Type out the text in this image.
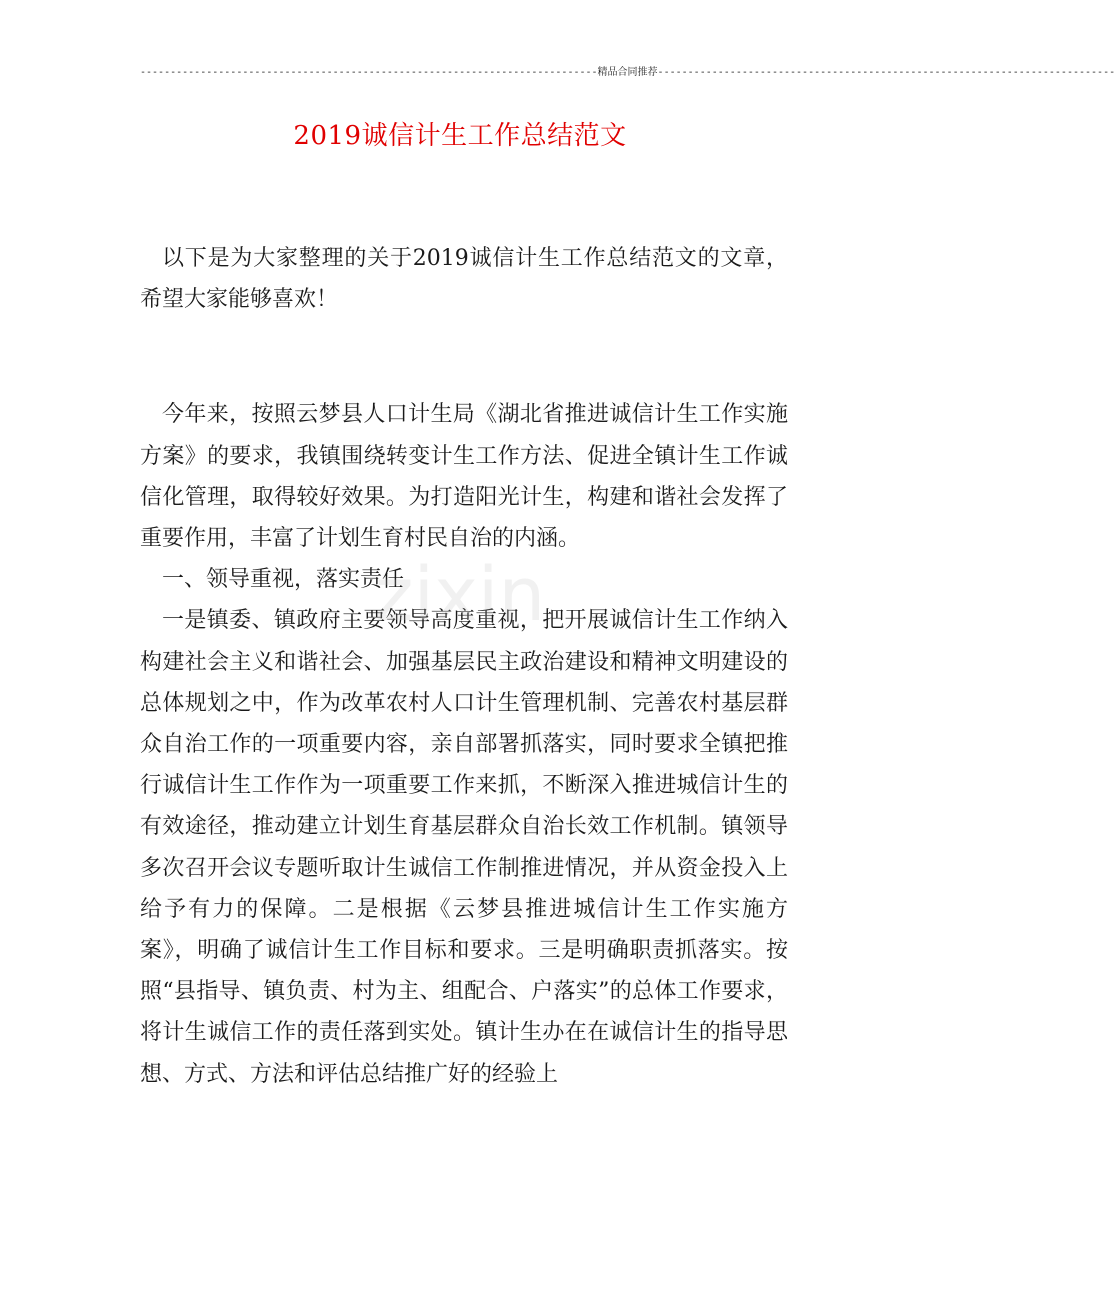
----------------------------------------------------------------------------精品合同推荐----------------------------------------------------------------------------
2019诚信计生工作总结范文

以下是为大家整理的关于2019诚信计生工作总结范文的文章，希望大家能够喜欢！

今年来，按照云梦县人口计生局《湖北省推进诚信计生工作实施方案》的要求，我镇围绕转变计生工作方法、促进全镇计生工作诚信化管理，取得较好效果。为打造阳光计生，构建和谐社会发挥了重要作用，丰富了计划生育村民自治的内涵。

一、领导重视，落实责任

一是镇委、镇政府主要领导高度重视，把开展诚信计生工作纳入构建社会主义和谐社会、加强基层民主政治建设和精神文明建设的总体规划之中，作为改革农村人口计生管理机制、完善农村基层群众自治工作的一项重要内容，亲自部署抓落实，同时要求全镇把推行诚信计生工作作为一项重要工作来抓，不断深入推进城信计生的有效途径，推动建立计划生育基层群众自治长效工作机制。镇领导多次召开会议专题听取计生诚信工作制推进情况，并从资金投入上给予有力的保障。二是根据《云梦县推进城信计生工作实施方案》，明确了诚信计生工作目标和要求。三是明确职责抓落实。按照“县指导、镇负责、村为主、组配合、户落实”的总体工作要求，将计生诚信工作的责任落到实处。镇计生办在在诚信计生的指导思想、方式、方法和评估总结推广好的经验上

zixin
